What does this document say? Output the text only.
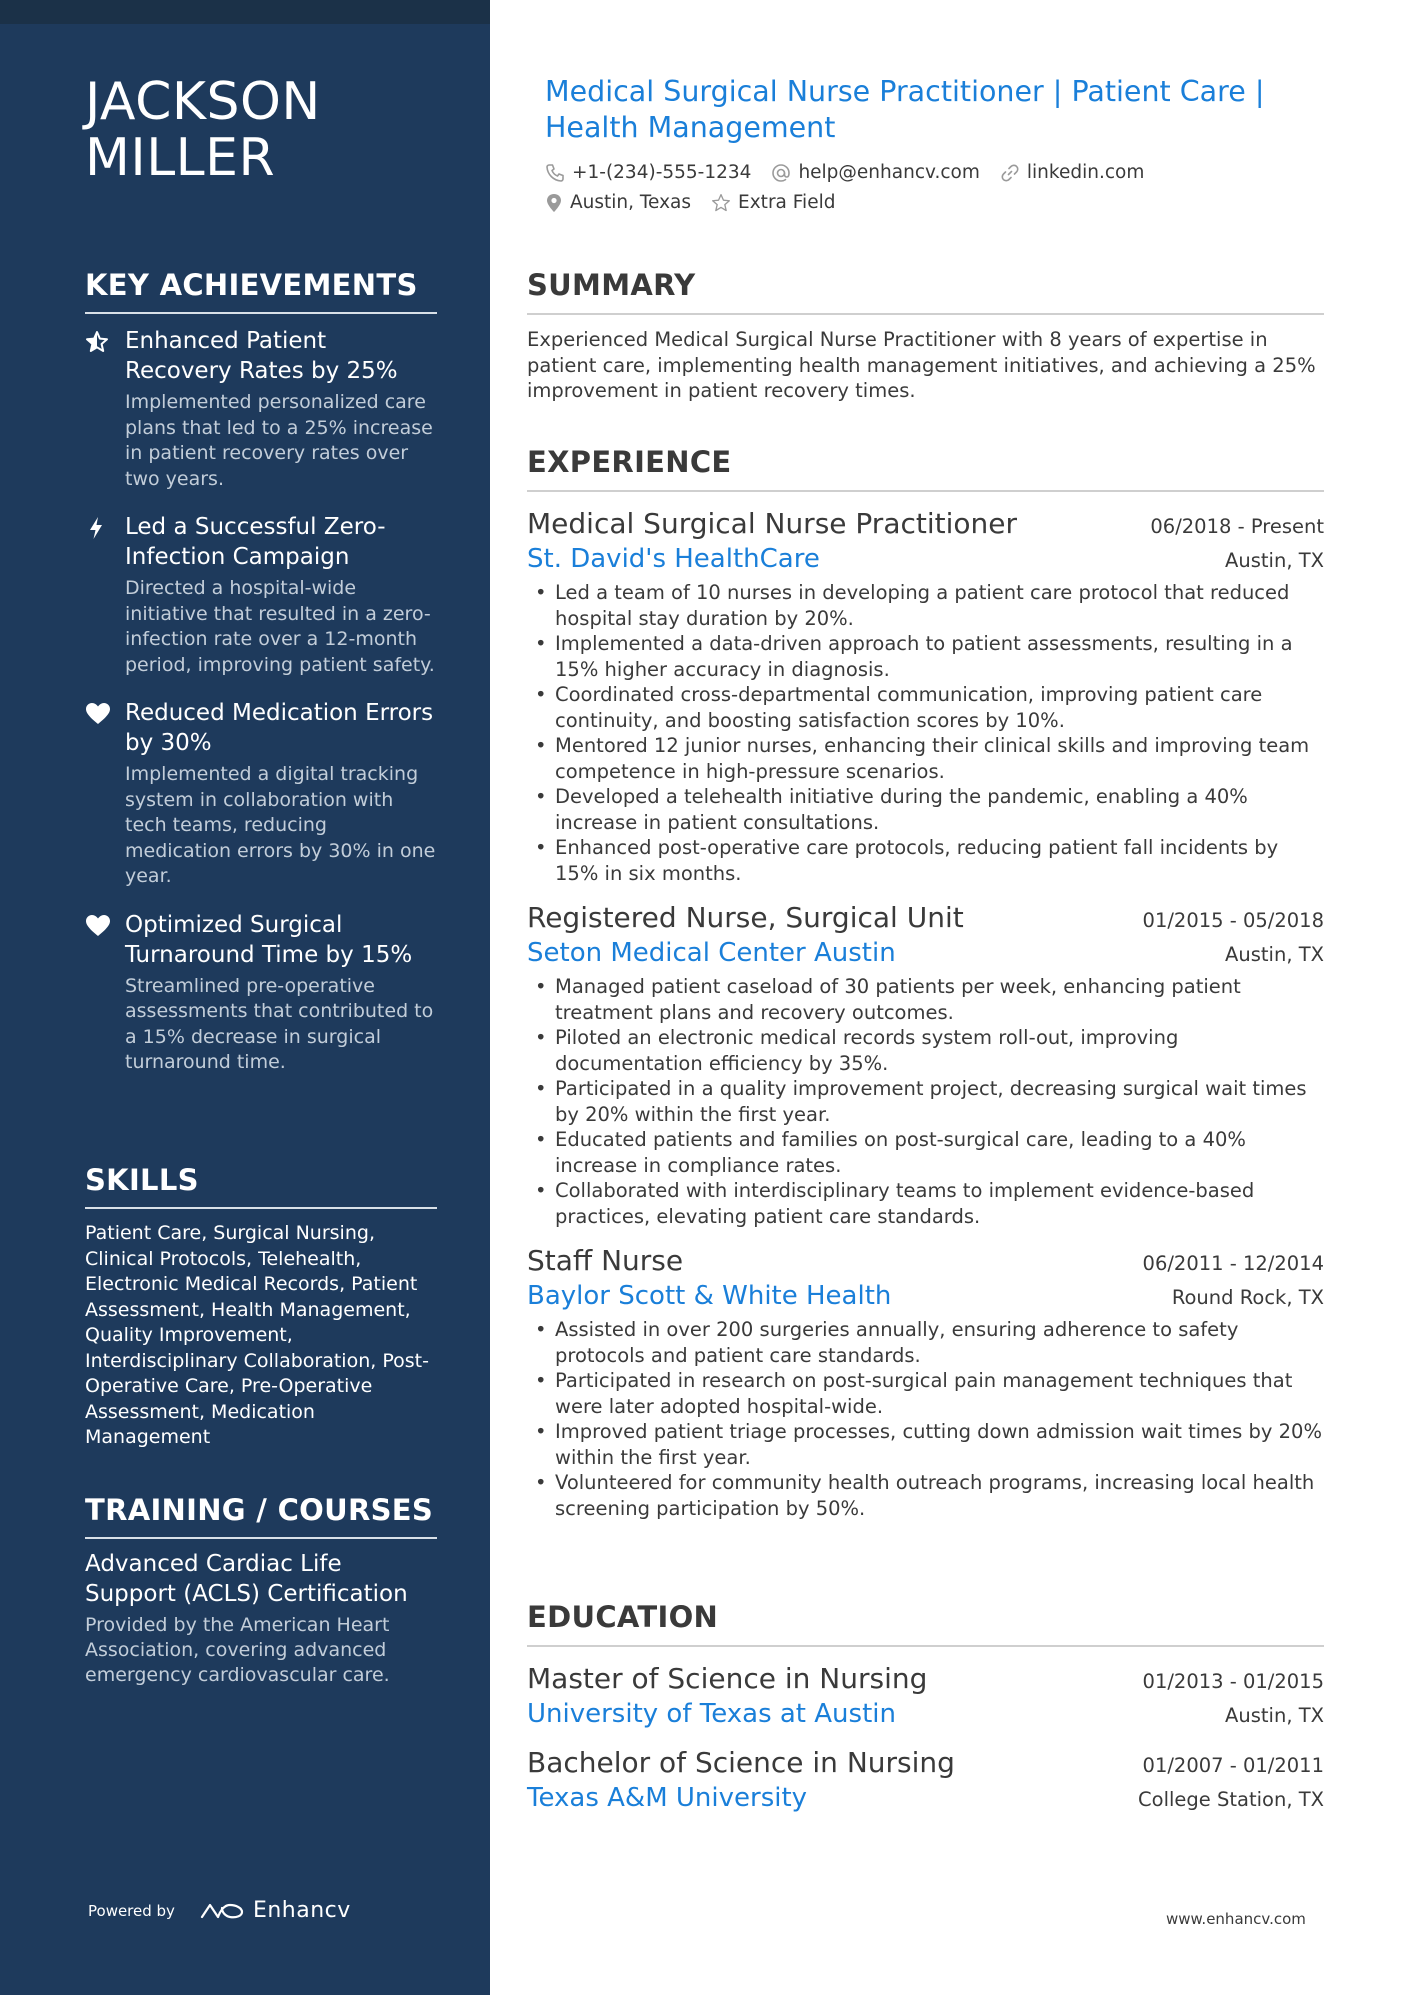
JACKSON MILLER
KEY ACHIEVEMENTS
Enhanced Patient Recovery Rates by 25%
Implemented personalized care plans that led to a 25% increase in patient recovery rates over two years.
Led a Successful Zero-Infection Campaign
Directed a hospital-wide initiative that resulted in a zero-infection rate over a 12-month period, improving patient safety.
Reduced Medication Errors by 30%
Implemented a digital tracking system in collaboration with tech teams, reducing medication errors by 30% in one year.
Optimized Surgical Turnaround Time by 15%
Streamlined pre-operative assessments that contributed to a 15% decrease in surgical turnaround time.
SKILLS

Patient Care, Surgical Nursing, Clinical Protocols, Telehealth, Electronic Medical Records, Patient Assessment, Health Management, Quality Improvement, Interdisciplinary Collaboration, Post-Operative Care, Pre-Operative Assessment, Medication Management

TRAINING / COURSES
Advanced Cardiac Life Support (ACLS) Certification
Provided by the American Heart Association, covering advanced emergency cardiovascular care.
Powered by	Enhancv
Medical Surgical Nurse Practitioner | Patient Care | Health Management
+1-(234)-555-1234	help@enhancv.com	linkedin.com
Austin, Texas	Extra Field
SUMMARY

Experienced Medical Surgical Nurse Practitioner with 8 years of expertise in patient care, implementing health management initiatives, and achieving a 25% improvement in patient recovery times.

EXPERIENCE
Medical Surgical Nurse Practitioner	06/2018 - Present
St. David's HealthCare	Austin, TX
• Led a team of 10 nurses in developing a patient care protocol that reduced hospital stay duration by 20%.
• Implemented a data-driven approach to patient assessments, resulting in a 15% higher accuracy in diagnosis.
• Coordinated cross-departmental communication, improving patient care continuity, and boosting satisfaction scores by 10%.
• Mentored 12 junior nurses, enhancing their clinical skills and improving team competence in high-pressure scenarios.
• Developed a telehealth initiative during the pandemic, enabling a 40% increase in patient consultations.
• Enhanced post-operative care protocols, reducing patient fall incidents by 15% in six months.
Registered Nurse, Surgical Unit	01/2015 - 05/2018
Seton Medical Center Austin	Austin, TX
• Managed patient caseload of 30 patients per week, enhancing patient treatment plans and recovery outcomes.
• Piloted an electronic medical records system roll-out, improving documentation efficiency by 35%.
• Participated in a quality improvement project, decreasing surgical wait times by 20% within the first year.
• Educated patients and families on post-surgical care, leading to a 40% increase in compliance rates.
• Collaborated with interdisciplinary teams to implement evidence-based practices, elevating patient care standards.
Staff Nurse	06/2011 - 12/2014
Baylor Scott & White Health	Round Rock, TX
• Assisted in over 200 surgeries annually, ensuring adherence to safety protocols and patient care standards.
• Participated in research on post-surgical pain management techniques that were later adopted hospital-wide.
• Improved patient triage processes, cutting down admission wait times by 20% within the first year.
• Volunteered for community health outreach programs, increasing local health screening participation by 50%.
EDUCATION
Master of Science in Nursing	01/2013 - 01/2015
University of Texas at Austin	Austin, TX
Bachelor of Science in Nursing	01/2007 - 01/2011
Texas A&M University	College Station, TX
www.enhancv.com
